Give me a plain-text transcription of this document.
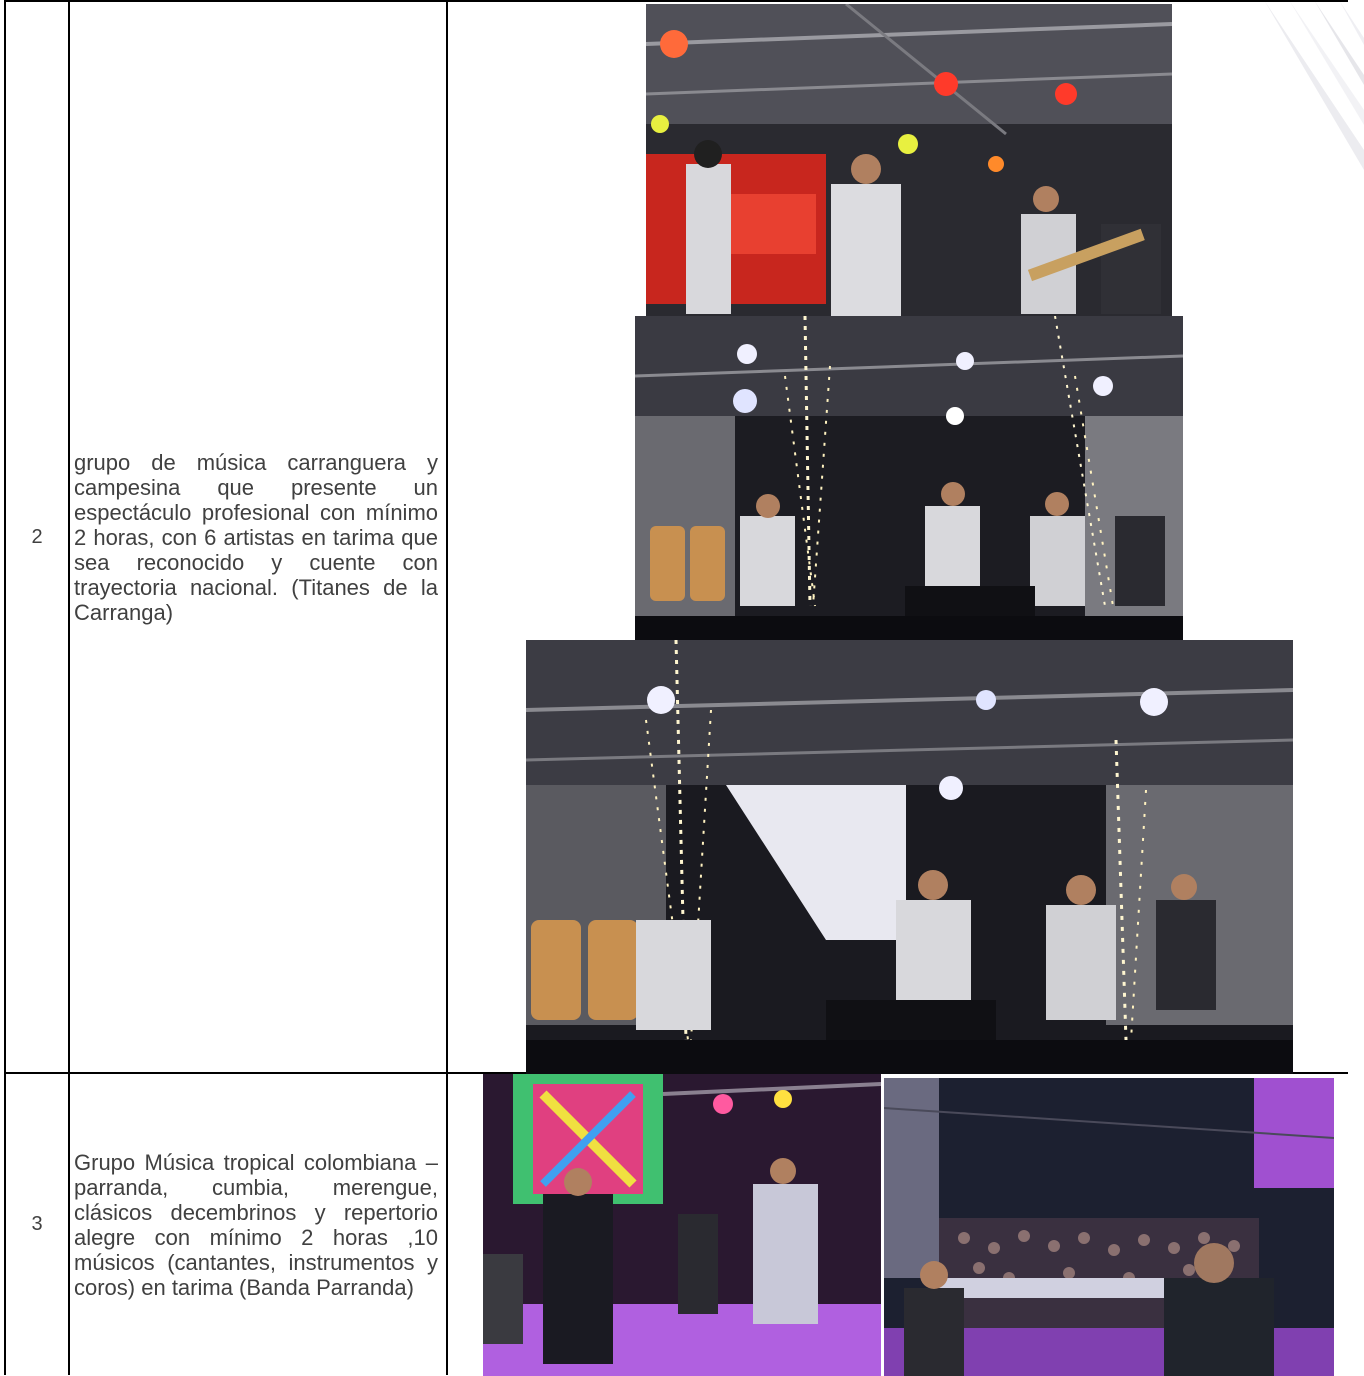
2	grupo de música carranguera y campesina que presente un espectáculo profesional con mínimo 2 horas, con 6 artistas en tarima que sea reconocido y cuente con trayectoria nacional. (Titanes de la Carranga)	

3	Grupo Música tropical colombiana – parranda, cumbia, merengue, clásicos decembrinos y repertorio alegre con mínimo 2 horas ,10 músicos (cantantes, instrumentos y coros) en tarima (Banda Parranda)	
